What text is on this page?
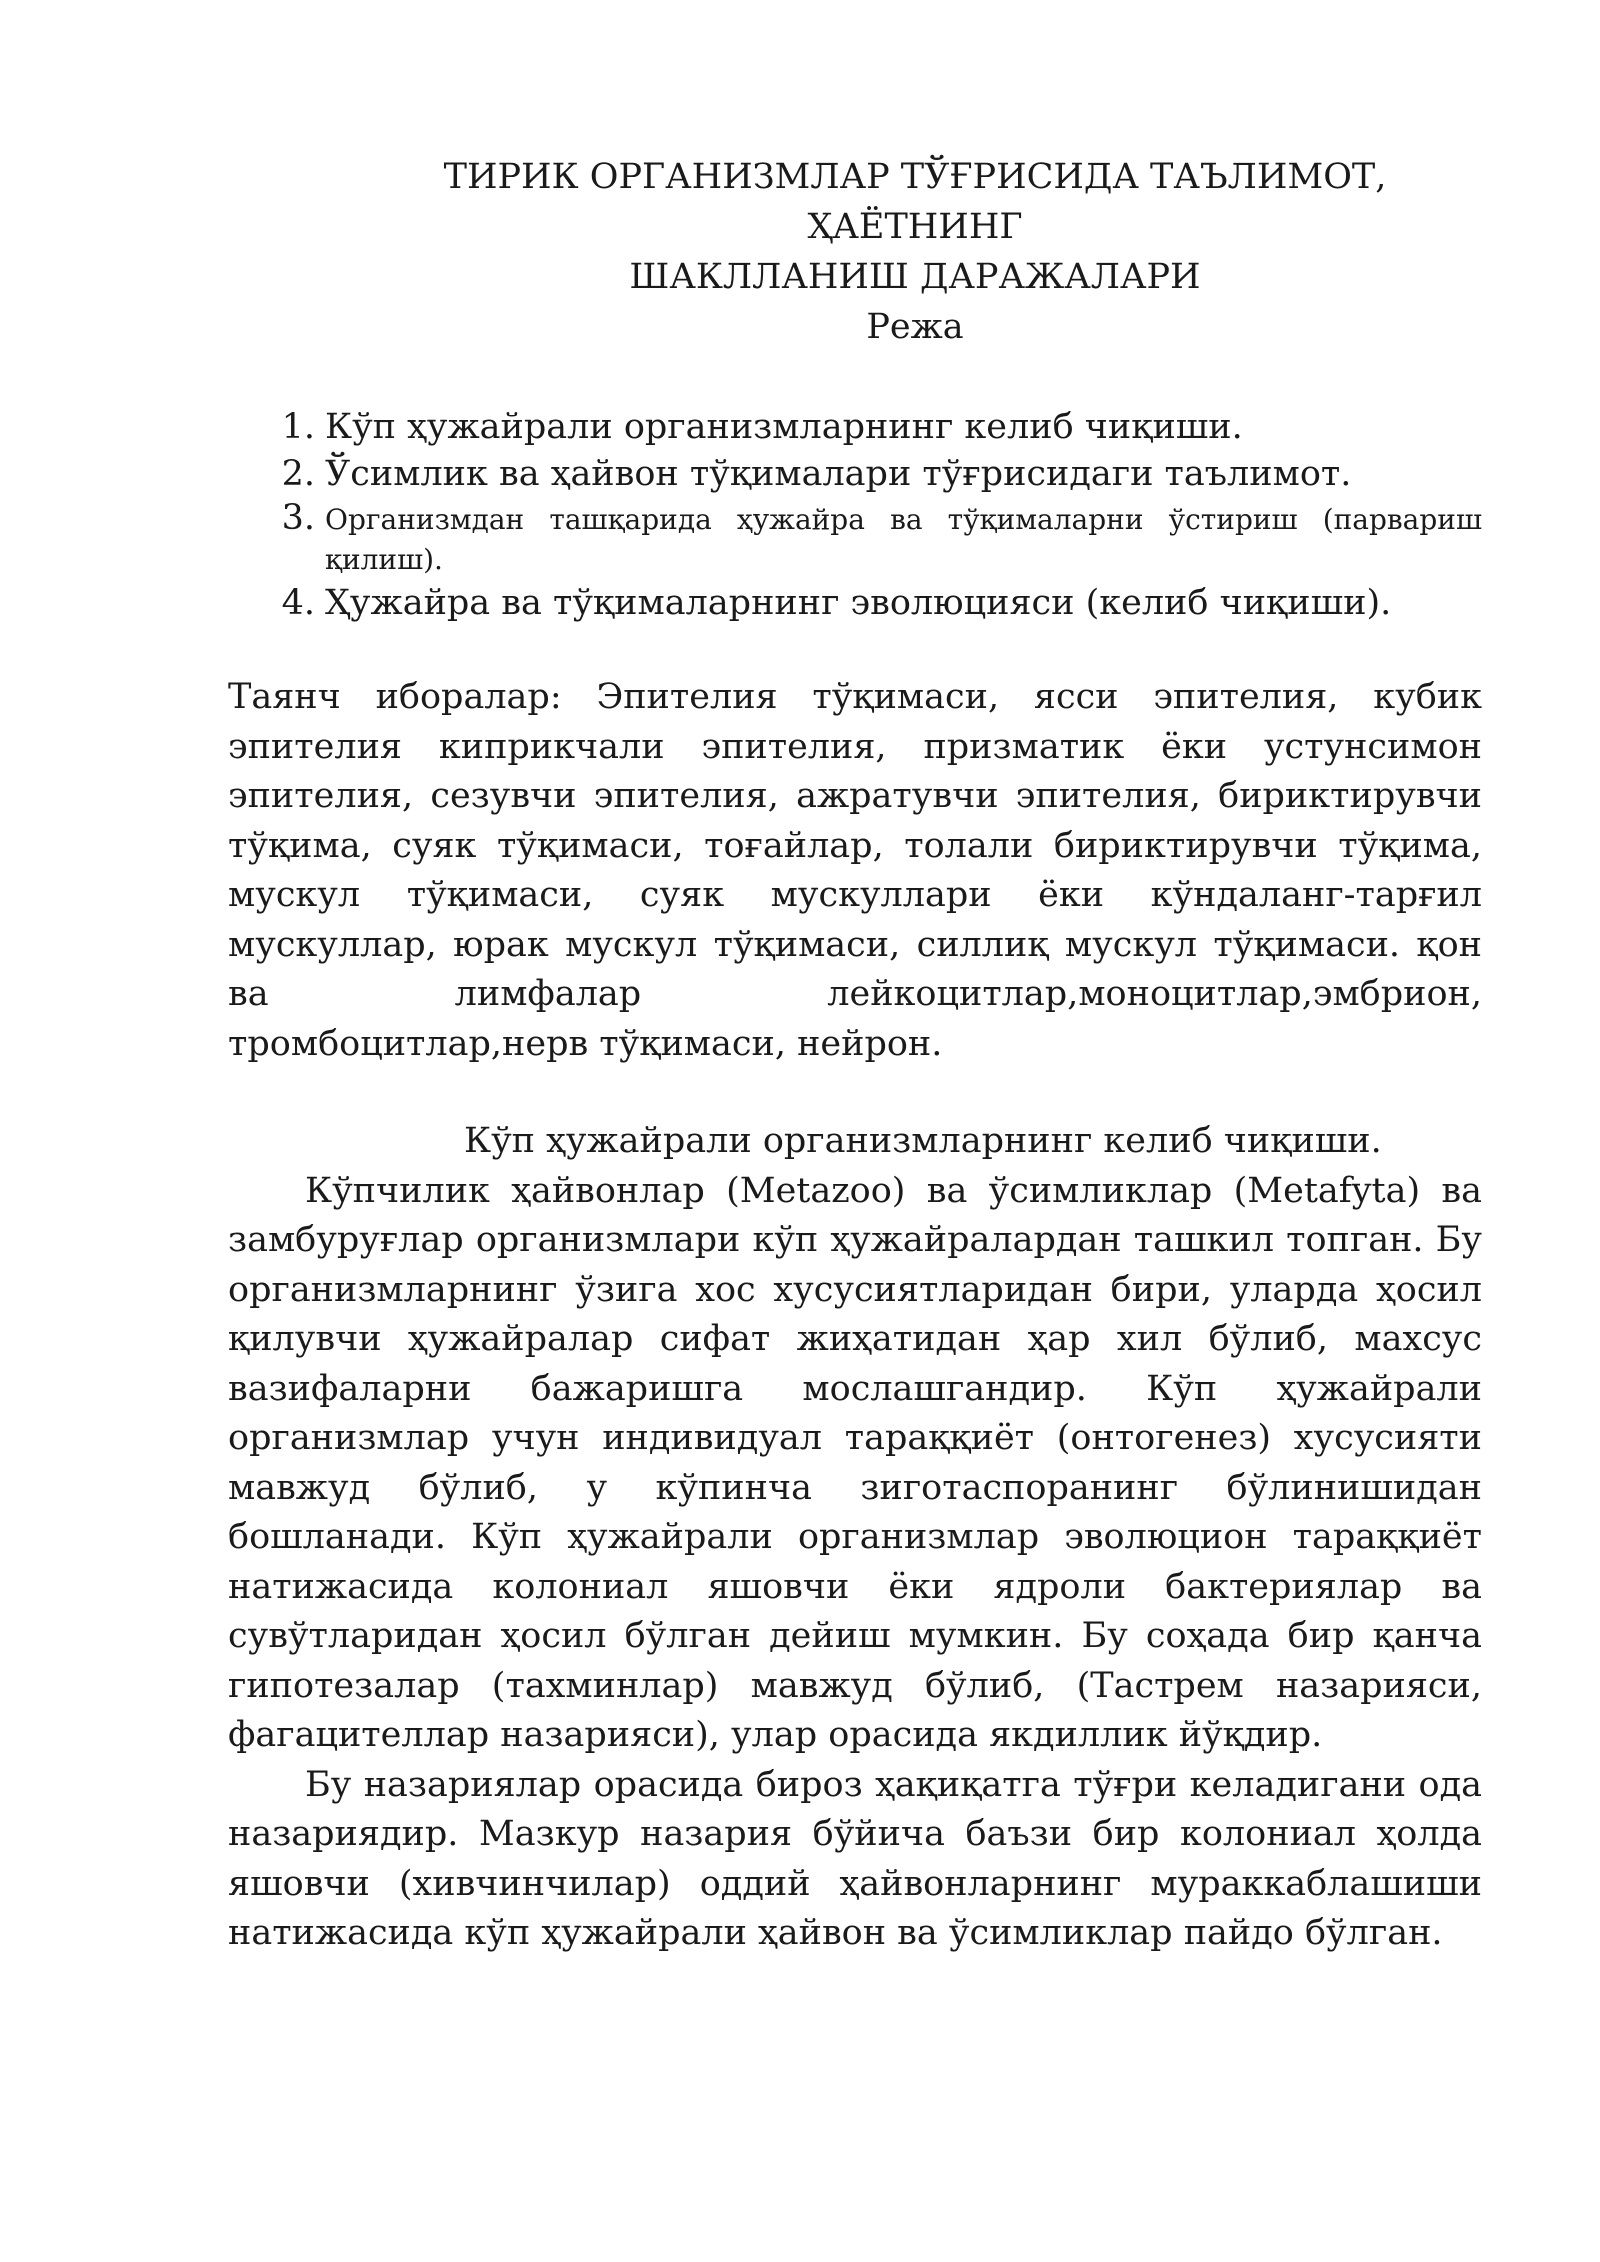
ТИРИК ОРГАНИЗМЛАР ТЎҒРИСИДА ТАЪЛИМОТ, ҲАЁТНИНГ
ШАКЛЛАНИШ ДАРАЖАЛАРИ
Режа
1. Кўп ҳужайрали организмларнинг келиб чиқиши.
2. Ўсимлик ва ҳайвон тўқималари тўғрисидаги таълимот.
3. Организмдан ташқарида ҳужайра ва тўқималарни ўстириш (парвариш қилиш).
4. Ҳужайра ва тўқималарнинг эволюцияси (келиб чиқиши).

Таянч иборалар: Эпителия тўқимаси, ясси эпителия, кубик эпителия киприкчали эпителия, призматик ёки устунсимон эпителия, сезувчи эпителия, ажратувчи эпителия, бириктирувчи тўқима, суяк тўқимаси, тоғайлар, толали бириктирувчи тўқима, мускул тўқимаси, суяк мускуллари ёки кўндаланг-тарғил мускуллар, юрак мускул тўқимаси, силлиқ мускул тўқимаси. қон ва лимфалар лейкоцитлар,моноцитлар,эмбрион, тромбоцитлар,нерв тўқимаси, нейрон.

Кўп ҳужайрали организмларнинг келиб чиқиши.

Кўпчилик ҳайвонлар (Metazoo) ва ўсимликлар (Metafyta) ва замбуруғлар организмлари кўп ҳужайралардан ташкил топган. Бу организмларнинг ўзига хос хусусиятларидан бири, уларда ҳосил қилувчи ҳужайралар сифат жиҳатидан ҳар хил бўлиб, махсус вазифаларни бажаришга мослашгандир. Кўп ҳужайрали организмлар учун индивидуал тараққиёт (онтогенез) хусусияти мавжуд бўлиб, у кўпинча зиготаспоранинг бўлинишидан бошланади. Кўп ҳужайрали организмлар эволюцион тараққиёт натижасида колониал яшовчи ёки ядроли бактериялар ва сувўтларидан ҳосил бўлган дейиш мумкин. Бу соҳада бир қанча гипотезалар (тахминлар) мавжуд бўлиб, (Тастрем назарияси, фагацителлар назарияси), улар орасида якдиллик йўқдир.

Бу назариялар орасида бироз ҳақиқатга тўғри келадигани ода назариядир. Мазкур назария бўйича баъзи бир колониал ҳолда яшовчи (хивчинчилар) оддий ҳайвонларнинг мураккаблашиши натижасида кўп ҳужайрали ҳайвон ва ўсимликлар пайдо бўлган.
